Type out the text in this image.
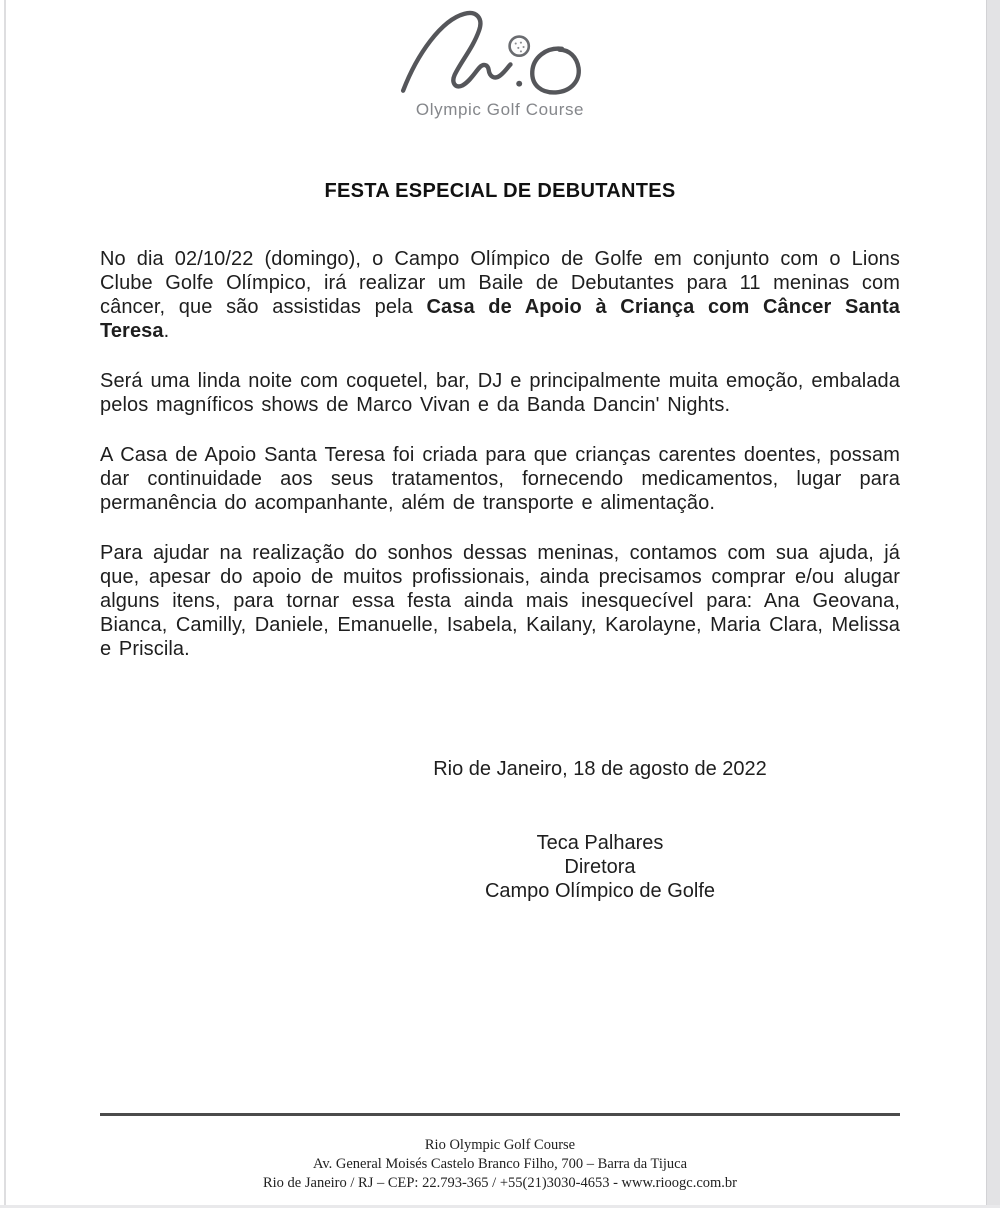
Olympic Golf Course
FESTA ESPECIAL DE DEBUTANTES

No dia 02/10/22 (domingo), o Campo Olímpico de Golfe em conjunto com o Lions Clube Golfe Olímpico, irá realizar um Baile de Debutantes para 11 meninas com câncer, que são assistidas pela Casa de Apoio à Criança com Câncer Santa Teresa.

Será uma linda noite com coquetel, bar, DJ e principalmente muita emoção, embalada pelos magníficos shows de Marco Vivan e da Banda Dancin' Nights.

A Casa de Apoio Santa Teresa foi criada para que crianças carentes doentes, possam dar continuidade aos seus tratamentos, fornecendo medicamentos, lugar para permanência do acompanhante, além de transporte e alimentação.

Para ajudar na realização do sonhos dessas meninas, contamos com sua ajuda, já que, apesar do apoio de muitos profissionais, ainda precisamos comprar e/ou alugar alguns itens, para tornar essa festa ainda mais inesquecível para: Ana Geovana, Bianca, Camilly, Daniele, Emanuelle, Isabela, Kailany, Karolayne, Maria Clara, Melissa e Priscila.

Rio de Janeiro, 18 de agosto de 2022

Teca Palhares
Diretora
Campo Olímpico de Golfe
Rio Olympic Golf Course
Av. General Moisés Castelo Branco Filho, 700 – Barra da Tijuca
Rio de Janeiro / RJ – CEP: 22.793-365 / +55(21)3030-4653 - www.rioogc.com.br
